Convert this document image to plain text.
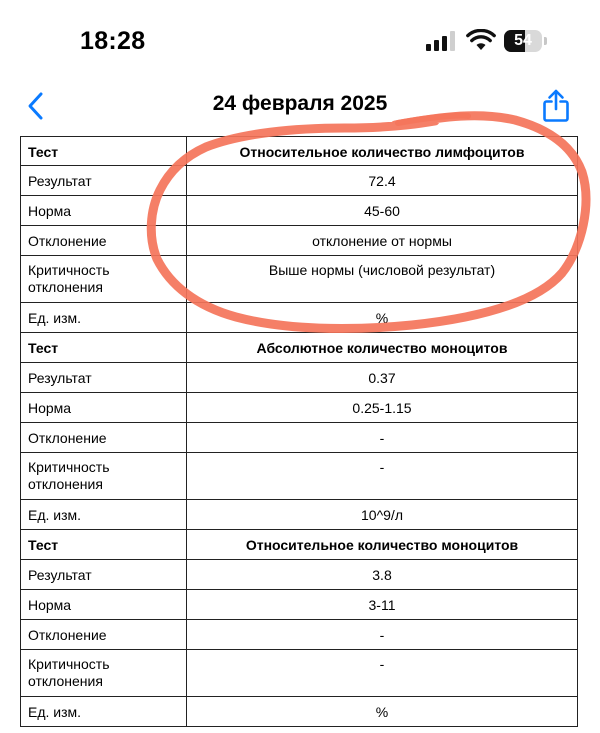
18:28	54
24 февраля 2025
Тест	Относительное количество лимфоцитов

Результат	72.4

Норма	45-60

Отклонение	отклонение от нормы

Критичность
отклонения	Выше нормы (числовой результат)

Ед. изм.	%

Тест	Абсолютное количество моноцитов

Результат	0.37

Норма	0.25-1.15

Отклонение	-

Критичность
отклонения	-

Ед. изм.	10^9/л

Тест	Относительное количество моноцитов

Результат	3.8

Норма	3-11

Отклонение	-

Критичность
отклонения	-

Ед. изм.	%
